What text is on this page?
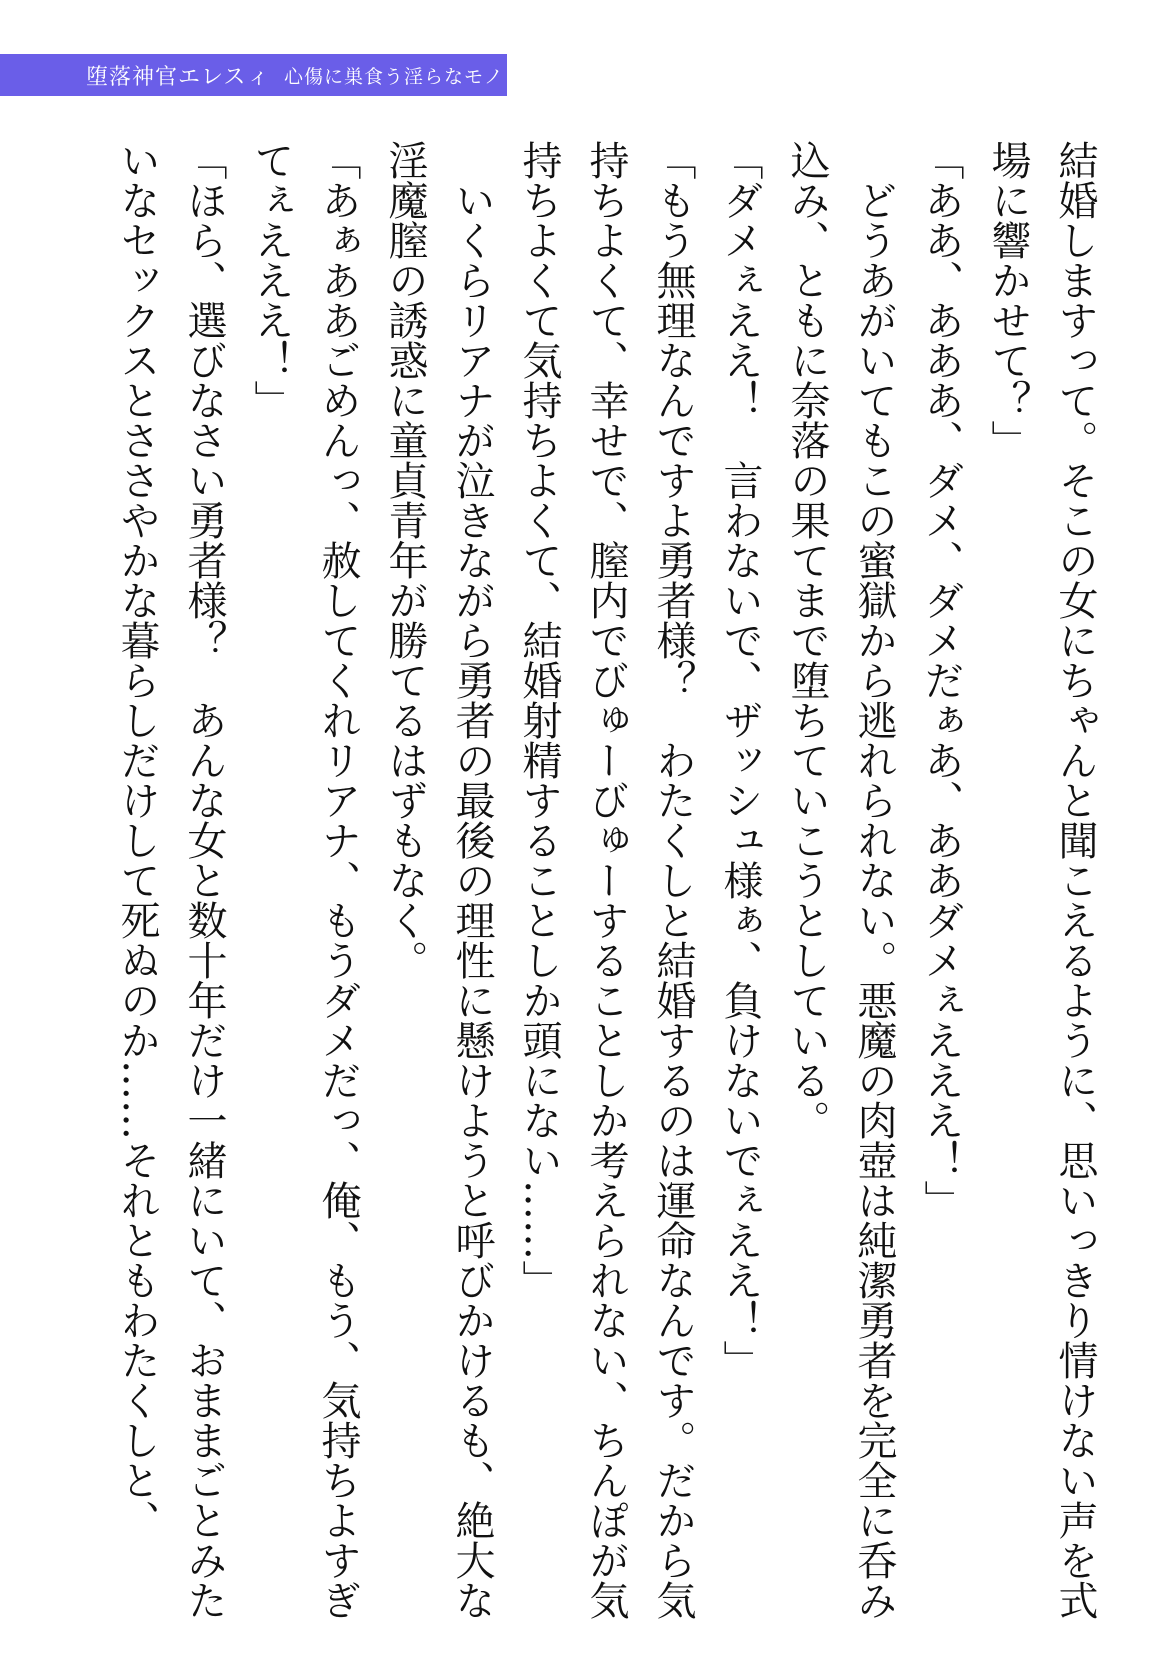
堕落神官エレスィ 心傷に巣食う淫らなモノ

結婚しますって。そこの女にちゃんと聞こえるように、思いっきり情けない声を式場に響かせて？」

「ああ、あああ、ダメ、ダメだぁあ、ああダメぇえええ！」

どうあがいてもこの蜜獄から逃れられない。悪魔の肉壺は純潔勇者を完全に呑み込み、ともに奈落の果てまで堕ちていこうとしている。

「ダメぇええ！　言わないで、ザッシュ様ぁ、負けないでぇええ！」

「もう無理なんですよ勇者様？　わたくしと結婚するのは運命なんです。だから気持ちよくて、幸せで、膣内でびゅーびゅーすることしか考えられない、ちんぽが気持ちよくて気持ちよくて、結婚射精することしか頭にない……」

いくらリアナが泣きながら勇者の最後の理性に懸けようと呼びかけるも、絶大な淫魔膣の誘惑に童貞青年が勝てるはずもなく。

「あぁああごめんっ、赦してくれリアナ、もうダメだっ、俺、もう、気持ちよすぎてぇえええ！」

「ほら、選びなさい勇者様？　あんな女と数十年だけ一緒にいて、おままごとみたいなセックスとささやかな暮らしだけして死ぬのか……それともわたくしと、
